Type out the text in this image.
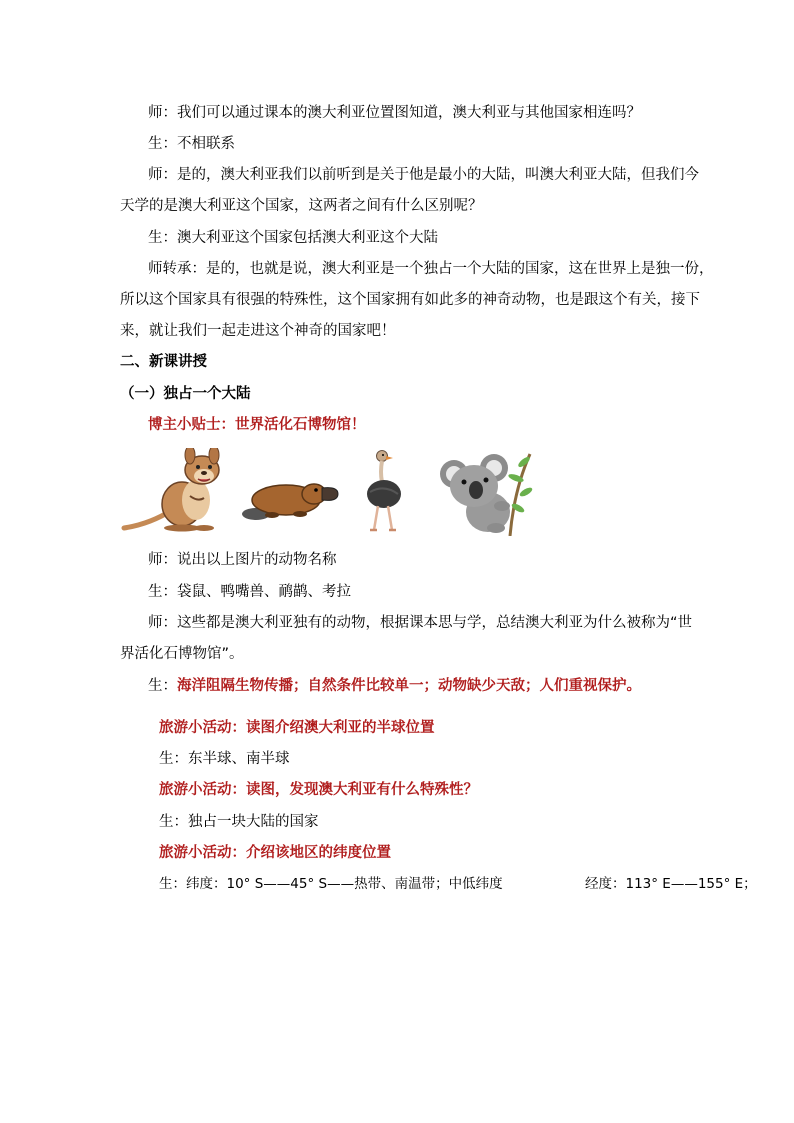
师：我们可以通过课本的澳大利亚位置图知道，澳大利亚与其他国家相连吗？
生：不相联系
师：是的，澳大利亚我们以前听到是关于他是最小的大陆，叫澳大利亚大陆，但我们今
天学的是澳大利亚这个国家，这两者之间有什么区别呢？
生：澳大利亚这个国家包括澳大利亚这个大陆
师转承：是的，也就是说，澳大利亚是一个独占一个大陆的国家，这在世界上是独一份，
所以这个国家具有很强的特殊性，这个国家拥有如此多的神奇动物，也是跟这个有关，接下
来，就让我们一起走进这个神奇的国家吧！
二、新课讲授
（一）独占一个大陆
博主小贴士：世界活化石博物馆！
师：说出以上图片的动物名称
生：袋鼠、鸭嘴兽、鸸鹋、考拉
师：这些都是澳大利亚独有的动物，根据课本思与学，总结澳大利亚为什么被称为“世
界活化石博物馆”。
生：海洋阻隔生物传播；自然条件比较单一；动物缺少天敌；人们重视保护。
旅游小活动：读图介绍澳大利亚的半球位置
生：东半球、南半球
旅游小活动：读图，发现澳大利亚有什么特殊性？
生：独占一块大陆的国家
旅游小活动：介绍该地区的纬度位置
生：纬度：10° S——45° S——热带、南温带；中低纬度	经度：113° E——155° E；
